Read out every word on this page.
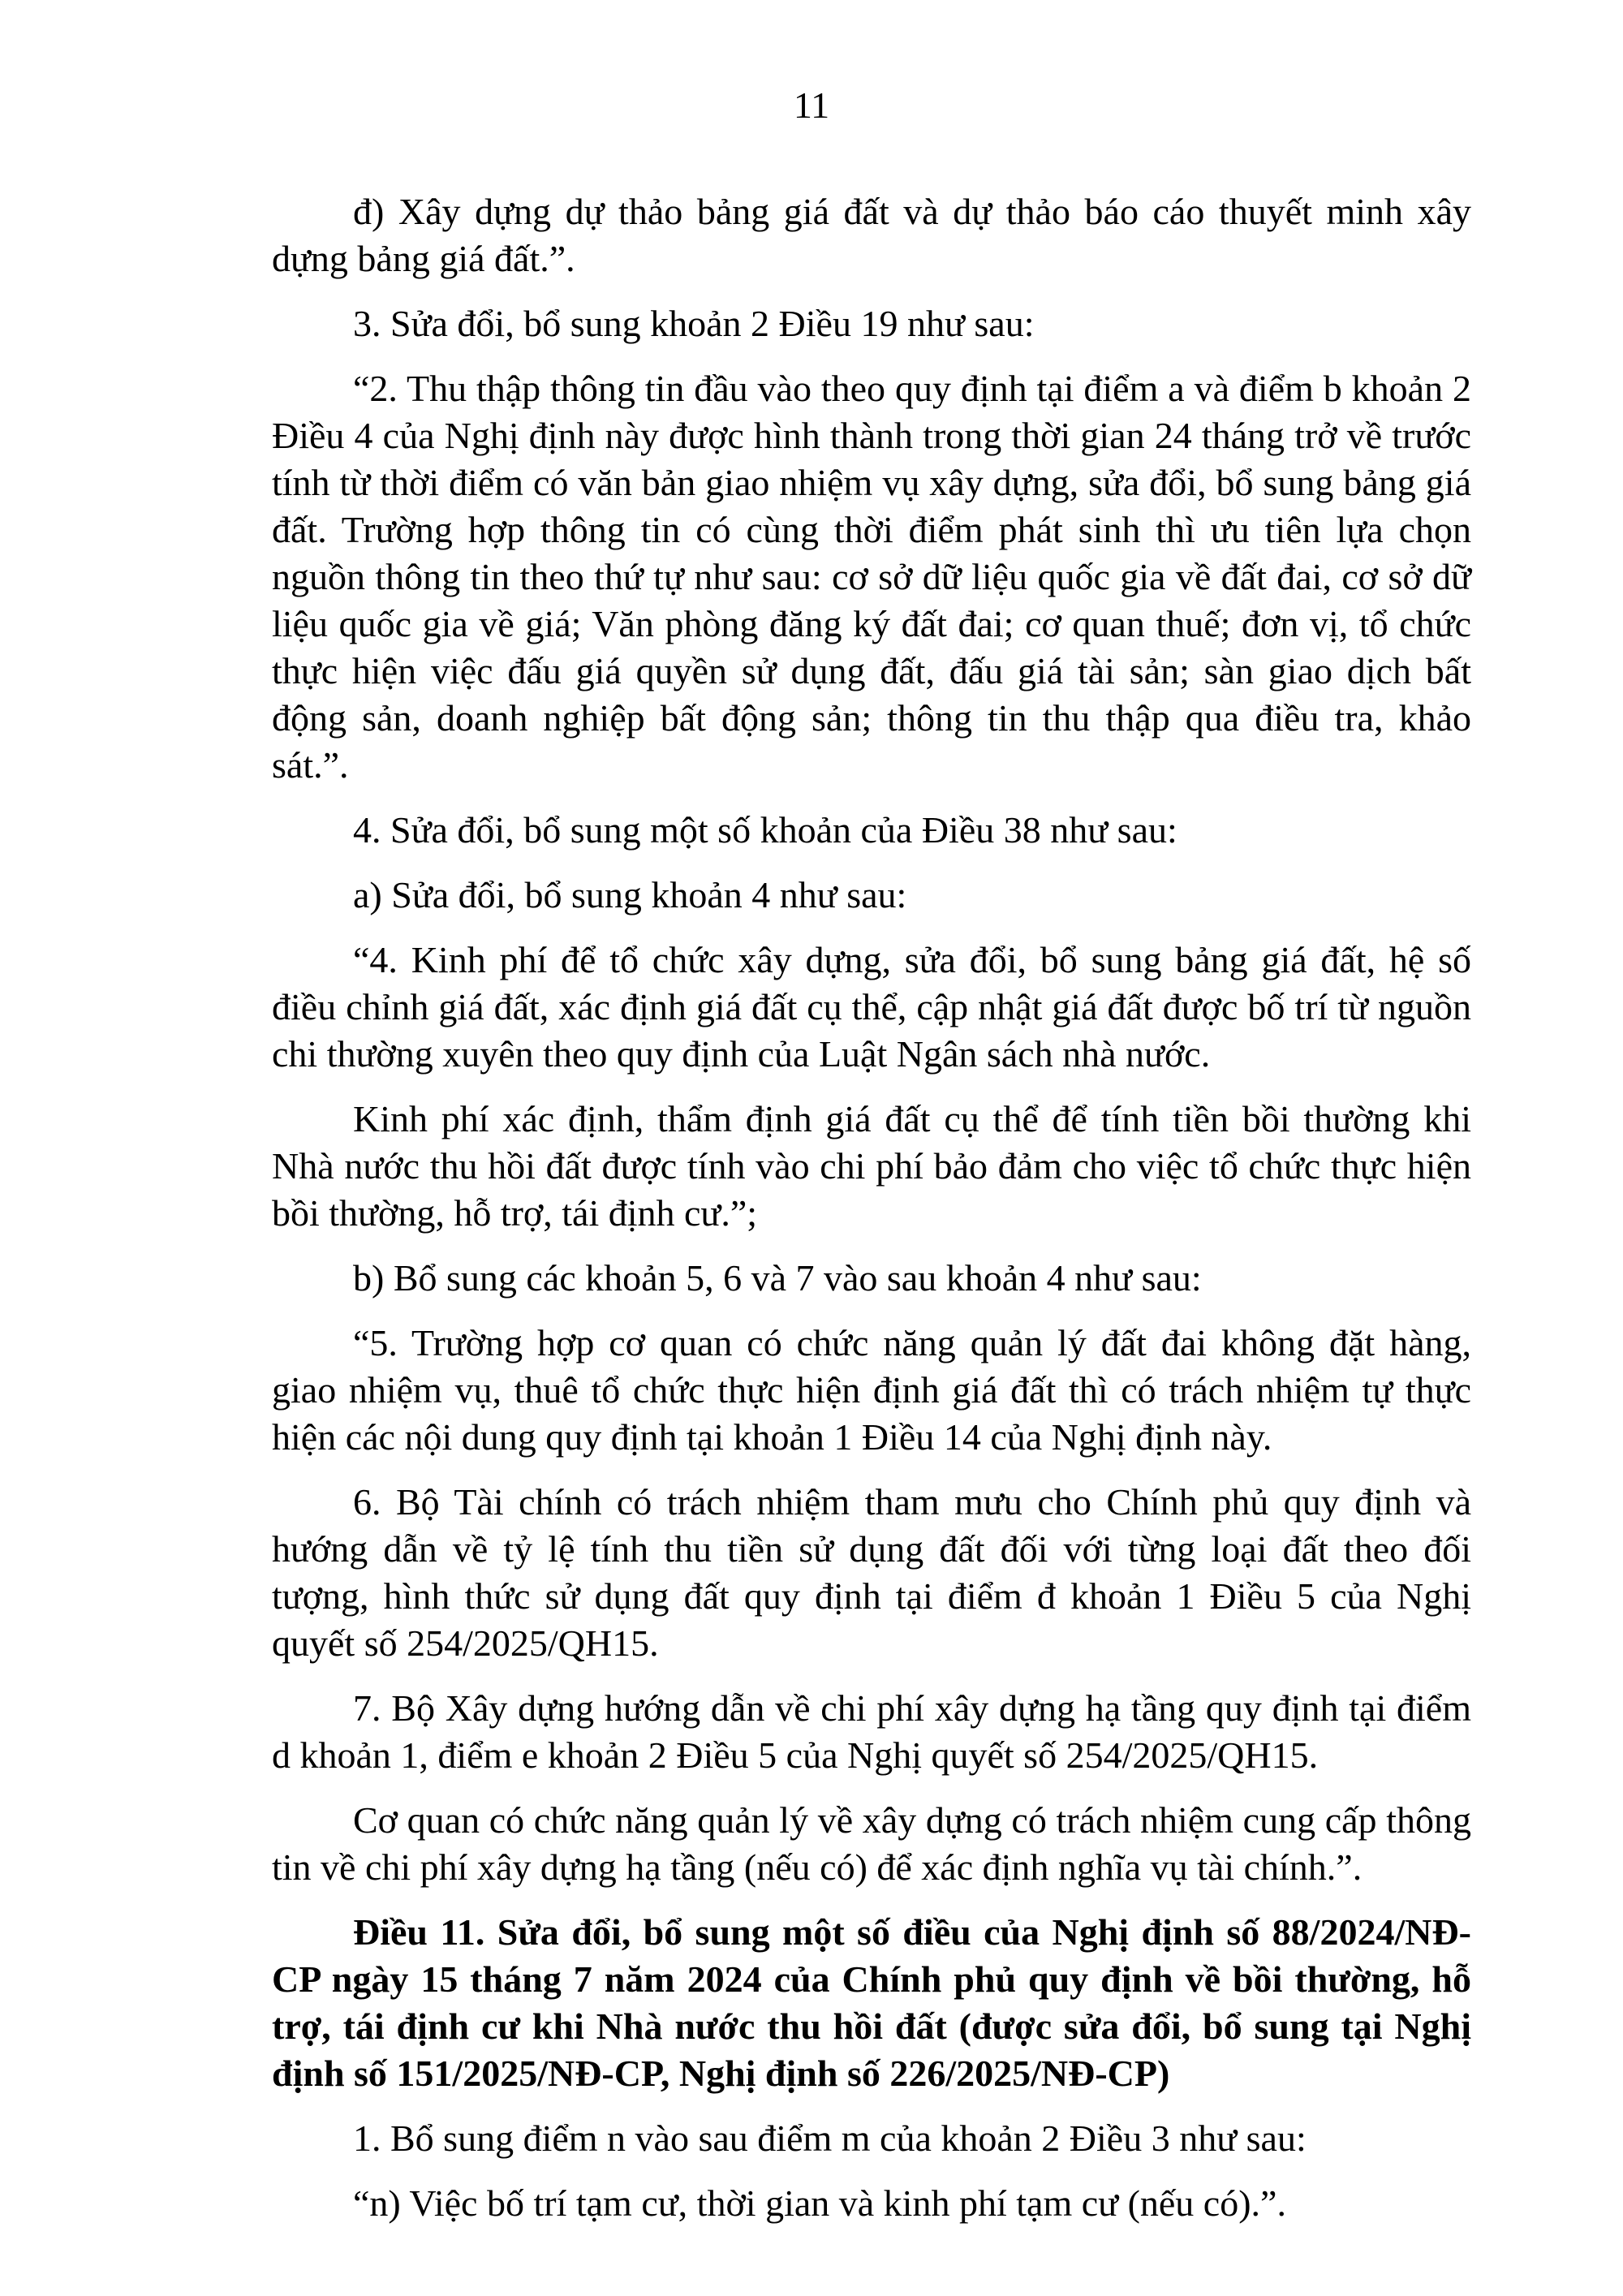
11

đ) Xây dựng dự thảo bảng giá đất và dự thảo báo cáo thuyết minh xây dựng bảng giá đất.”.

3. Sửa đổi, bổ sung khoản 2 Điều 19 như sau:

“2. Thu thập thông tin đầu vào theo quy định tại điểm a và điểm b khoản 2 Điều 4 của Nghị định này được hình thành trong thời gian 24 tháng trở về trước tính từ thời điểm có văn bản giao nhiệm vụ xây dựng, sửa đổi, bổ sung bảng giá đất. Trường hợp thông tin có cùng thời điểm phát sinh thì ưu tiên lựa chọn nguồn thông tin theo thứ tự như sau: cơ sở dữ liệu quốc gia về đất đai, cơ sở dữ liệu quốc gia về giá; Văn phòng đăng ký đất đai; cơ quan thuế; đơn vị, tổ chức thực hiện việc đấu giá quyền sử dụng đất, đấu giá tài sản; sàn giao dịch bất động sản, doanh nghiệp bất động sản; thông tin thu thập qua điều tra, khảo sát.”.

4. Sửa đổi, bổ sung một số khoản của Điều 38 như sau:

a) Sửa đổi, bổ sung khoản 4 như sau:

“4. Kinh phí để tổ chức xây dựng, sửa đổi, bổ sung bảng giá đất, hệ số điều chỉnh giá đất, xác định giá đất cụ thể, cập nhật giá đất được bố trí từ nguồn chi thường xuyên theo quy định của Luật Ngân sách nhà nước.

Kinh phí xác định, thẩm định giá đất cụ thể để tính tiền bồi thường khi Nhà nước thu hồi đất được tính vào chi phí bảo đảm cho việc tổ chức thực hiện bồi thường, hỗ trợ, tái định cư.”;

b) Bổ sung các khoản 5, 6 và 7 vào sau khoản 4 như sau:

“5. Trường hợp cơ quan có chức năng quản lý đất đai không đặt hàng, giao nhiệm vụ, thuê tổ chức thực hiện định giá đất thì có trách nhiệm tự thực hiện các nội dung quy định tại khoản 1 Điều 14 của Nghị định này.

6. Bộ Tài chính có trách nhiệm tham mưu cho Chính phủ quy định và hướng dẫn về tỷ lệ tính thu tiền sử dụng đất đối với từng loại đất theo đối tượng, hình thức sử dụng đất quy định tại điểm đ khoản 1 Điều 5 của Nghị quyết số 254/2025/QH15.

7. Bộ Xây dựng hướng dẫn về chi phí xây dựng hạ tầng quy định tại điểm d khoản 1, điểm e khoản 2 Điều 5 của Nghị quyết số 254/2025/QH15.

Cơ quan có chức năng quản lý về xây dựng có trách nhiệm cung cấp thông tin về chi phí xây dựng hạ tầng (nếu có) để xác định nghĩa vụ tài chính.”.

Điều 11. Sửa đổi, bổ sung một số điều của Nghị định số 88/2024/NĐ-CP ngày 15 tháng 7 năm 2024 của Chính phủ quy định về bồi thường, hỗ trợ, tái định cư khi Nhà nước thu hồi đất (được sửa đổi, bổ sung tại Nghị định số 151/2025/NĐ-CP, Nghị định số 226/2025/NĐ-CP)

1. Bổ sung điểm n vào sau điểm m của khoản 2 Điều 3 như sau:

“n) Việc bố trí tạm cư, thời gian và kinh phí tạm cư (nếu có).”.
